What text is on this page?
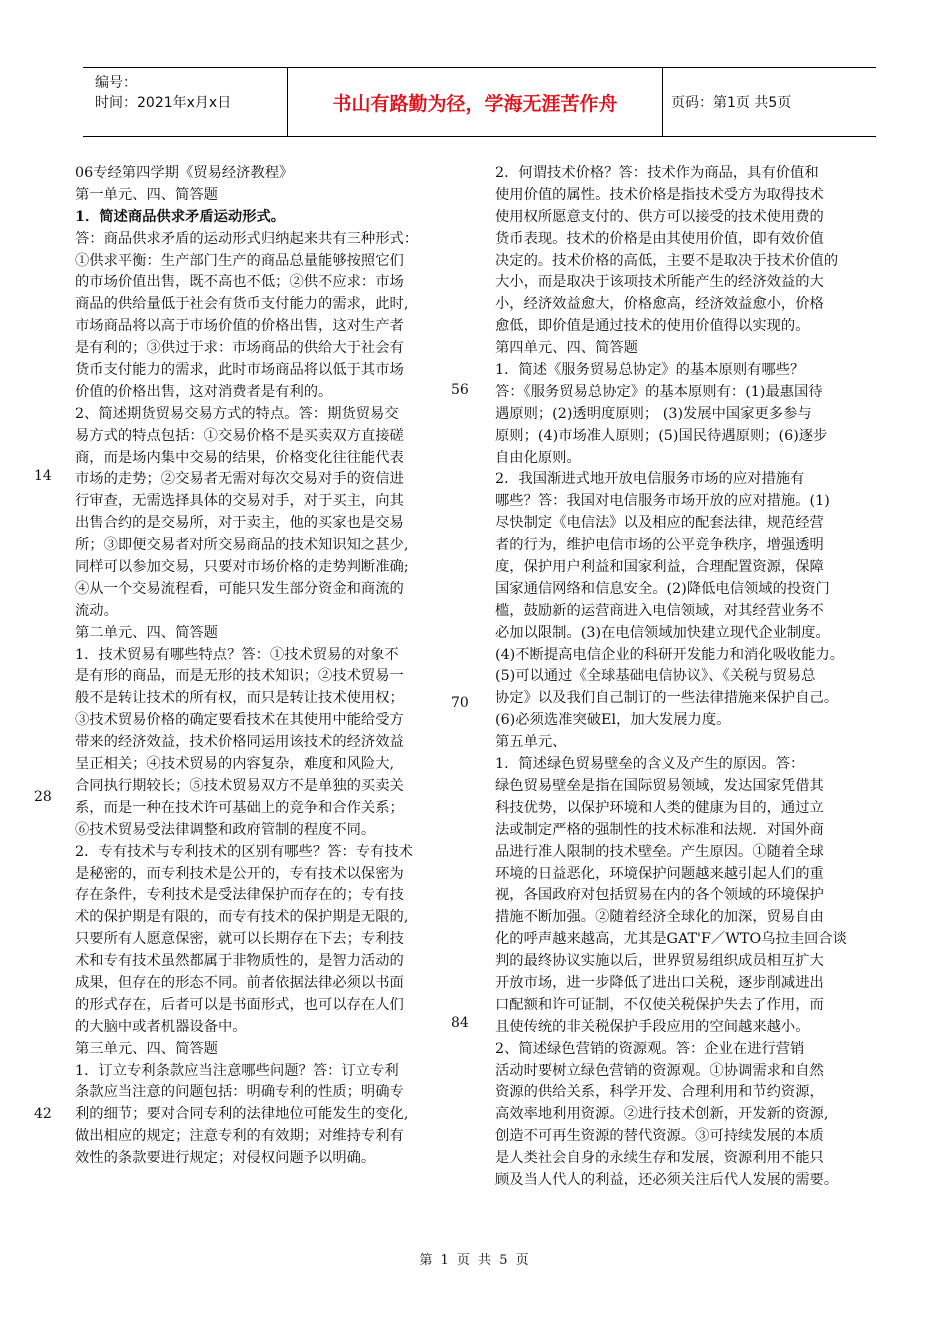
编号：
时间：2021年x月x日	书山有路勤为径，学海无涯苦作舟	页码：第1页 共5页
14
28
42
06专经第四学期《贸易经济教程》
第一单元、四、简答题
1．简述商品供求矛盾运动形式。
答：商品供求矛盾的运动形式归纳起来共有三种形式：
①供求平衡：生产部门生产的商品总量能够按照它们
的市场价值出售，既不高也不低；②供不应求：市场
商品的供给量低于社会有货币支付能力的需求，此时,
市场商品将以高于市场价值的价格出售，这对生产者
是有利的；③供过于求：市场商品的供给大于社会有
货币支付能力的需求，此时市场商品将以低于其市场
价值的价格出售，这对消费者是有利的。
2、简述期货贸易交易方式的特点。答：期货贸易交
易方式的特点包括：①交易价格不是买卖双方直接磋
商，而是场内集中交易的结果，价格变化往往能代表
市场的走势；②交易者无需对每次交易对手的资信进
行审查，无需选择具体的交易对手，对于买主，向其
出售合约的是交易所，对于卖主，他的买家也是交易
所；③即便交易者对所交易商品的技术知识知之甚少,
同样可以参加交易，只要对市场价格的走势判断准确;
④从一个交易流程看，可能只发生部分资金和商流的
流动。
第二单元、四、简答题
1．技术贸易有哪些特点？答：①技术贸易的对象不
是有形的商品，而是无形的技术知识；②技术贸易一
般不是转让技术的所有权，而只是转让技术使用权；
③技术贸易价格的确定要看技术在其使用中能给受方
带来的经济效益，技术价格同运用该技术的经济效益
呈正相关；④技术贸易的内容复杂，难度和风险大,
合同执行期较长；⑤技术贸易双方不是单独的买卖关
系，而是一种在技术许可基础上的竞争和合作关系；
⑥技术贸易受法律调整和政府管制的程度不同。
2．专有技术与专利技术的区别有哪些？答：专有技术
是秘密的，而专利技术是公开的，专有技术以保密为
存在条件，专利技术是受法律保护而存在的；专有技
术的保护期是有限的，而专有技术的保护期是无限的,
只要所有人愿意保密，就可以长期存在下去；专利技
术和专有技术虽然都属于非物质性的，是智力活动的
成果，但存在的形态不同。前者依据法律必须以书面
的形式存在，后者可以是书面形式，也可以存在人们
的大脑中或者机器设备中。
第三单元、四、简答题
1．订立专利条款应当注意哪些问题？答：订立专利
条款应当注意的问题包括：明确专利的性质；明确专
利的细节；要对合同专利的法律地位可能发生的变化,
做出相应的规定；注意专利的有效期；对维持专利有
效性的条款要进行规定；对侵权问题予以明确。
2．何谓技术价格？答：技术作为商品，具有价值和
使用价值的属性。技术价格是指技术受方为取得技术
使用权所愿意支付的、供方可以接受的技术使用费的
货币表现。技术的价格是由其使用价值，即有效价值
决定的。技术价格的高低，主要不是取决于技术价值的
大小，而是取决于该项技术所能产生的经济效益的大
小，经济效益愈大，价格愈高，经济效益愈小，价格
愈低，即价值是通过技术的使用价值得以实现的。
第四单元、四、简答题
1．简述《服务贸易总协定》的基本原则有哪些？
答：《服务贸易总协定》的基本原则有：(1)最惠国待
遇原则；(2)透明度原则； (3)发展中国家更多参与
原则；(4)市场准人原则；(5)国民待遇原则；(6)逐步
自由化原则。
2．我国渐进式地开放电信服务市场的应对措施有
哪些？答：我国对电信服务市场开放的应对措施。(1)
尽快制定《电信法》以及相应的配套法律，规范经营
者的行为，维护电信市场的公平竞争秩序，增强透明
度，保护用户利益和国家利益，合理配置资源，保障
国家通信网络和信息安全。(2)降低电信领域的投资门
槛，鼓励新的运营商进入电信领域，对其经营业务不
必加以限制。(3)在电信领域加快建立现代企业制度。
(4)不断提高电信企业的科研开发能力和消化吸收能力。
(5)可以通过《全球基础电信协议》、《关税与贸易总
协定》以及我们自己制订的一些法律措施来保护自己。
(6)必须选准突破El，加大发展力度。
第五单元、
1．简述绿色贸易壁垒的含义及产生的原因。答：
绿色贸易壁垒是指在国际贸易领域，发达国家凭借其
科技优势，以保护环境和人类的健康为目的，通过立
法或制定严格的强制性的技术标准和法规．对国外商
品进行准人限制的技术壁垒。产生原因。①随着全球
环境的日益恶化，环境保护问题越来越引起人们的重
视，各国政府对包括贸易在内的各个领域的环境保护
措施不断加强。②随着经济全球化的加深，贸易自由
化的呼声越来越高，尤其是GAT'F／WTO乌拉圭回合谈
判的最终协议实施以后，世界贸易组织成员相互扩大
开放市场，进一步降低了进出口关税，逐步削减进出
口配额和许可证制，不仅使关税保护失去了作用，而
且使传统的非关税保护手段应用的空间越来越小。
2、简述绿色营销的资源观。答：企业在进行营销
活动时要树立绿色营销的资源观。①协调需求和自然
资源的供给关系，科学开发、合理利用和节约资源，
高效率地利用资源。②进行技术创新，开发新的资源,
创造不可再生资源的替代资源。③可持续发展的本质
是人类社会自身的永续生存和发展，资源利用不能只
顾及当人代人的利益，还必须关注后代人发展的需要。
56
70
84
第 1 页 共 5 页
